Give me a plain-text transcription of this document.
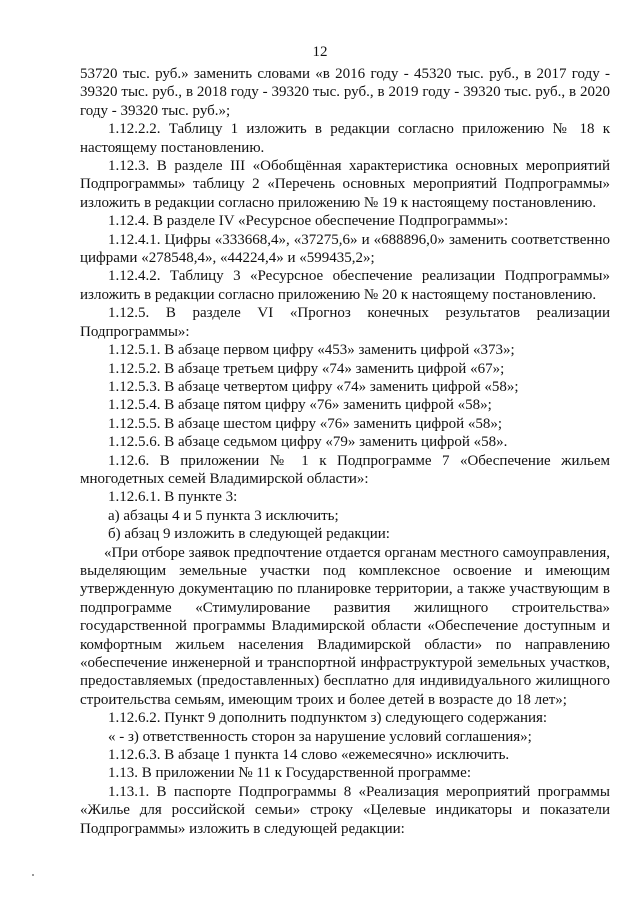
12

53720 тыс. руб.» заменить словами «в 2016 году - 45320 тыс. руб., в 2017 году - 39320 тыс. руб., в 2018 году - 39320 тыс. руб., в 2019 году - 39320 тыс. руб., в 2020 году - 39320 тыс. руб.»;

1.12.2.2. Таблицу 1 изложить в редакции согласно приложению № 18 к настоящему постановлению.

1.12.3. В разделе III «Обобщённая характеристика основных мероприятий Подпрограммы» таблицу 2 «Перечень основных мероприятий Подпрограммы» изложить в редакции согласно приложению № 19 к настоящему постановлению.

1.12.4. В разделе IV «Ресурсное обеспечение Подпрограммы»:

1.12.4.1. Цифры «333668,4», «37275,6» и «688896,0» заменить соответственно цифрами «278548,4», «44224,4» и «599435,2»;

1.12.4.2. Таблицу 3 «Ресурсное обеспечение реализации Подпрограммы» изложить в редакции согласно приложению № 20 к настоящему постановлению.

1.12.5. В разделе VI «Прогноз конечных результатов реализации Подпрограммы»:

1.12.5.1. В абзаце первом цифру «453» заменить цифрой «373»;

1.12.5.2. В абзаце третьем цифру «74» заменить цифрой «67»;

1.12.5.3. В абзаце четвертом цифру «74» заменить цифрой «58»;

1.12.5.4. В абзаце пятом цифру «76» заменить цифрой «58»;

1.12.5.5. В абзаце шестом цифру «76» заменить цифрой «58»;

1.12.5.6. В абзаце седьмом цифру «79» заменить цифрой «58».

1.12.6. В приложении № 1 к Подпрограмме 7 «Обеспечение жильем многодетных семей Владимирской области»:

1.12.6.1. В пункте 3:

а) абзацы 4 и 5 пункта 3 исключить;

б) абзац 9 изложить в следующей редакции:

«При отборе заявок предпочтение отдается органам местного самоуправления, выделяющим земельные участки под комплексное освоение и имеющим утвержденную документацию по планировке территории, а также участвующим в подпрограмме «Стимулирование развития жилищного строительства» государственной программы Владимирской области «Обеспечение доступным и комфортным жильем населения Владимирской области» по направлению «обеспечение инженерной и транспортной инфраструктурой земельных участков, предоставляемых (предоставленных) бесплатно для индивидуального жилищного строительства семьям, имеющим троих и более детей в возрасте до 18 лет»;

1.12.6.2. Пункт 9 дополнить подпунктом з) следующего содержания:

« - з) ответственность сторон за нарушение условий соглашения»;

1.12.6.3. В абзаце 1 пункта 14 слово «ежемесячно» исключить.

1.13. В приложении № 11 к Государственной программе:

1.13.1. В паспорте Подпрограммы 8 «Реализация мероприятий программы «Жилье для российской семьи» строку «Целевые индикаторы и показатели Подпрограммы» изложить в следующей редакции:
